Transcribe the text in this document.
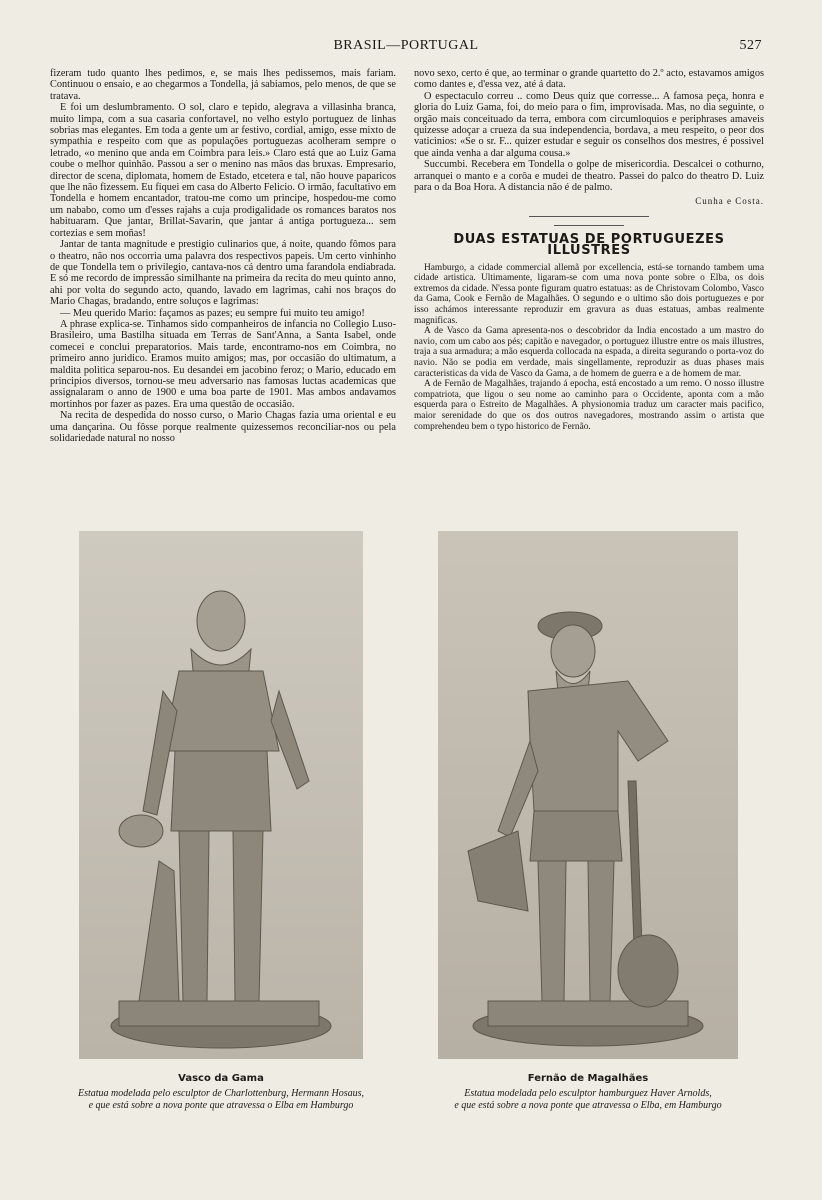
BRASIL—PORTUGAL	527

fizeram tudo quanto lhes pedimos, e, se mais lhes pedissemos, mais fariam. Continuou o ensaio, e ao chegarmos a Tondella, já sabiamos, pelo menos, de que se tratava.

E foi um deslumbramento. O sol, claro e tepido, alegrava a villasinha branca, muito limpa, com a sua casaria confortavel, no velho estylo portuguez de linhas sobrias mas elegantes. Em toda a gente um ar festivo, cordial, amigo, esse mixto de sympathia e respeito com que as populações portuguezas acolheram sempre o letrado, «o menino que anda em Coimbra para leis.» Claro está que ao Luiz Gama coube o melhor quinhão. Passou a ser o menino nas mãos das bruxas. Empresario, director de scena, diplomata, homem de Estado, etcetera e tal, não houve paparicos que lhe não fizessem. Eu fiquei em casa do Alberto Felicio. O irmão, facultativo em Tondella e homem encantador, tratou-me como um principe, hospedou-me como um nababo, como um d'esses rajahs a cuja prodigalidade os romances baratos nos habituaram. Que jantar, Brillat-Savarin, que jantar á antiga portugueza... sem cortezias e sem moñas!

Jantar de tanta magnitude e prestigio culinarios que, á noite, quando fômos para o theatro, não nos occorria uma palavra dos respectivos papeis. Um certo vinhinho de que Tondella tem o privilegio, cantava-nos cá dentro uma farandola endiabrada. E só me recordo de impressão similhante na primeira da recita do meu quinto anno, ahi por volta do segundo acto, quando, lavado em lagrimas, cahi nos braços do Mario Chagas, bradando, entre soluços e lagrimas:

— Meu querido Mario: façamos as pazes; eu sempre fui muito teu amigo!

A phrase explica-se. Tinhamos sido companheiros de infancia no Collegio Luso-Brasileiro, uma Bastilha situada em Terras de Sant'Anna, a Santa Isabel, onde comecei e conclui preparatorios. Mais tarde, encontramo-nos em Coimbra, no primeiro anno juridico. Eramos muito amigos; mas, por occasião do ultimatum, a maldita politica separou-nos. Eu desandei em jacobino feroz; o Mario, educado em principios diversos, tornou-se meu adversario nas famosas luctas academicas que assignalaram o anno de 1900 e uma boa parte de 1901. Mas ambos andavamos mortinhos por fazer as pazes. Era uma questão de occasião.

Na recita de despedida do nosso curso, o Mario Chagas fazia uma oriental e eu uma dançarina. Ou fôsse porque realmente quizessemos reconciliar-nos ou pela solidariedade natural no nosso

novo sexo, certo é que, ao terminar o grande quartetto do 2.º acto, estavamos amigos como dantes e, d'essa vez, até á data.

O espectaculo correu .. como Deus quiz que corresse... A famosa peça, honra e gloria do Luiz Gama, foi, do meio para o fim, improvisada. Mas, no dia seguinte, o orgão mais conceituado da terra, embora com circumloquios e periphrases amaveis quizesse adoçar a crueza da sua independencia, bordava, a meu respeito, o peor dos vaticinios: «Se o sr. F... quizer estudar e seguir os conselhos dos mestres, é possivel que ainda venha a dar alguma cousa.»

Succumbi. Recebera em Tondella o golpe de misericordia. Descalcei o cothurno, arranquei o manto e a corôa e mudei de theatro. Passei do palco do theatro D. Luiz para o da Boa Hora. A distancia não é de palmo.

Cunha e Costa.
DUAS ESTATUAS DE PORTUGUEZES ILLUSTRES

Hamburgo, a cidade commercial allemã por excellencia, está-se tornando tambem uma cidade artistica. Ultimamente, ligaram-se com uma nova ponte sobre o Elba, os dois extremos da cidade. N'essa ponte figuram quatro estatuas: as de Christovam Colombo, Vasco da Gama, Cook e Fernão de Magalhães. O segundo e o ultimo são dois portuguezes e por isso achámos interessante reproduzir em gravura as duas estatuas, ambas realmente magnificas.

A de Vasco da Gama apresenta-nos o descobridor da India encostado a um mastro do navio, com um cabo aos pés; capitão e navegador, o portuguez illustre entre os mais illustres, traja a sua armadura; a mão esquerda collocada na espada, a direita segurando o porta-voz do navio. Não se podia em verdade, mais singellamente, reproduzir as duas phases mais caracteristicas da vida de Vasco da Gama, a de homem de guerra e a de homem de mar.

A de Fernão de Magalhães, trajando á epocha, está encostado a um remo. O nosso illustre compatriota, que ligou o seu nome ao caminho para o Occidente, aponta com a mão esquerda para o Estreito de Magalhães. A physionomia traduz um caracter mais pacifico, maior serenidade do que os dos outros navegadores, mostrando assim o artista que comprehendeu bem o typo historico de Fernão.

Vasco da Gama
Estatua modelada pelo esculptor de Charlottenburg, Hermann Hosaus,
e que está sobre a nova ponte que atravessa o Elba em Hamburgo
Fernão de Magalhães
Estatua modelada pelo esculptor hamburguez Haver Arnolds,
e que está sobre a nova ponte que atravessa o Elba, em Hamburgo
